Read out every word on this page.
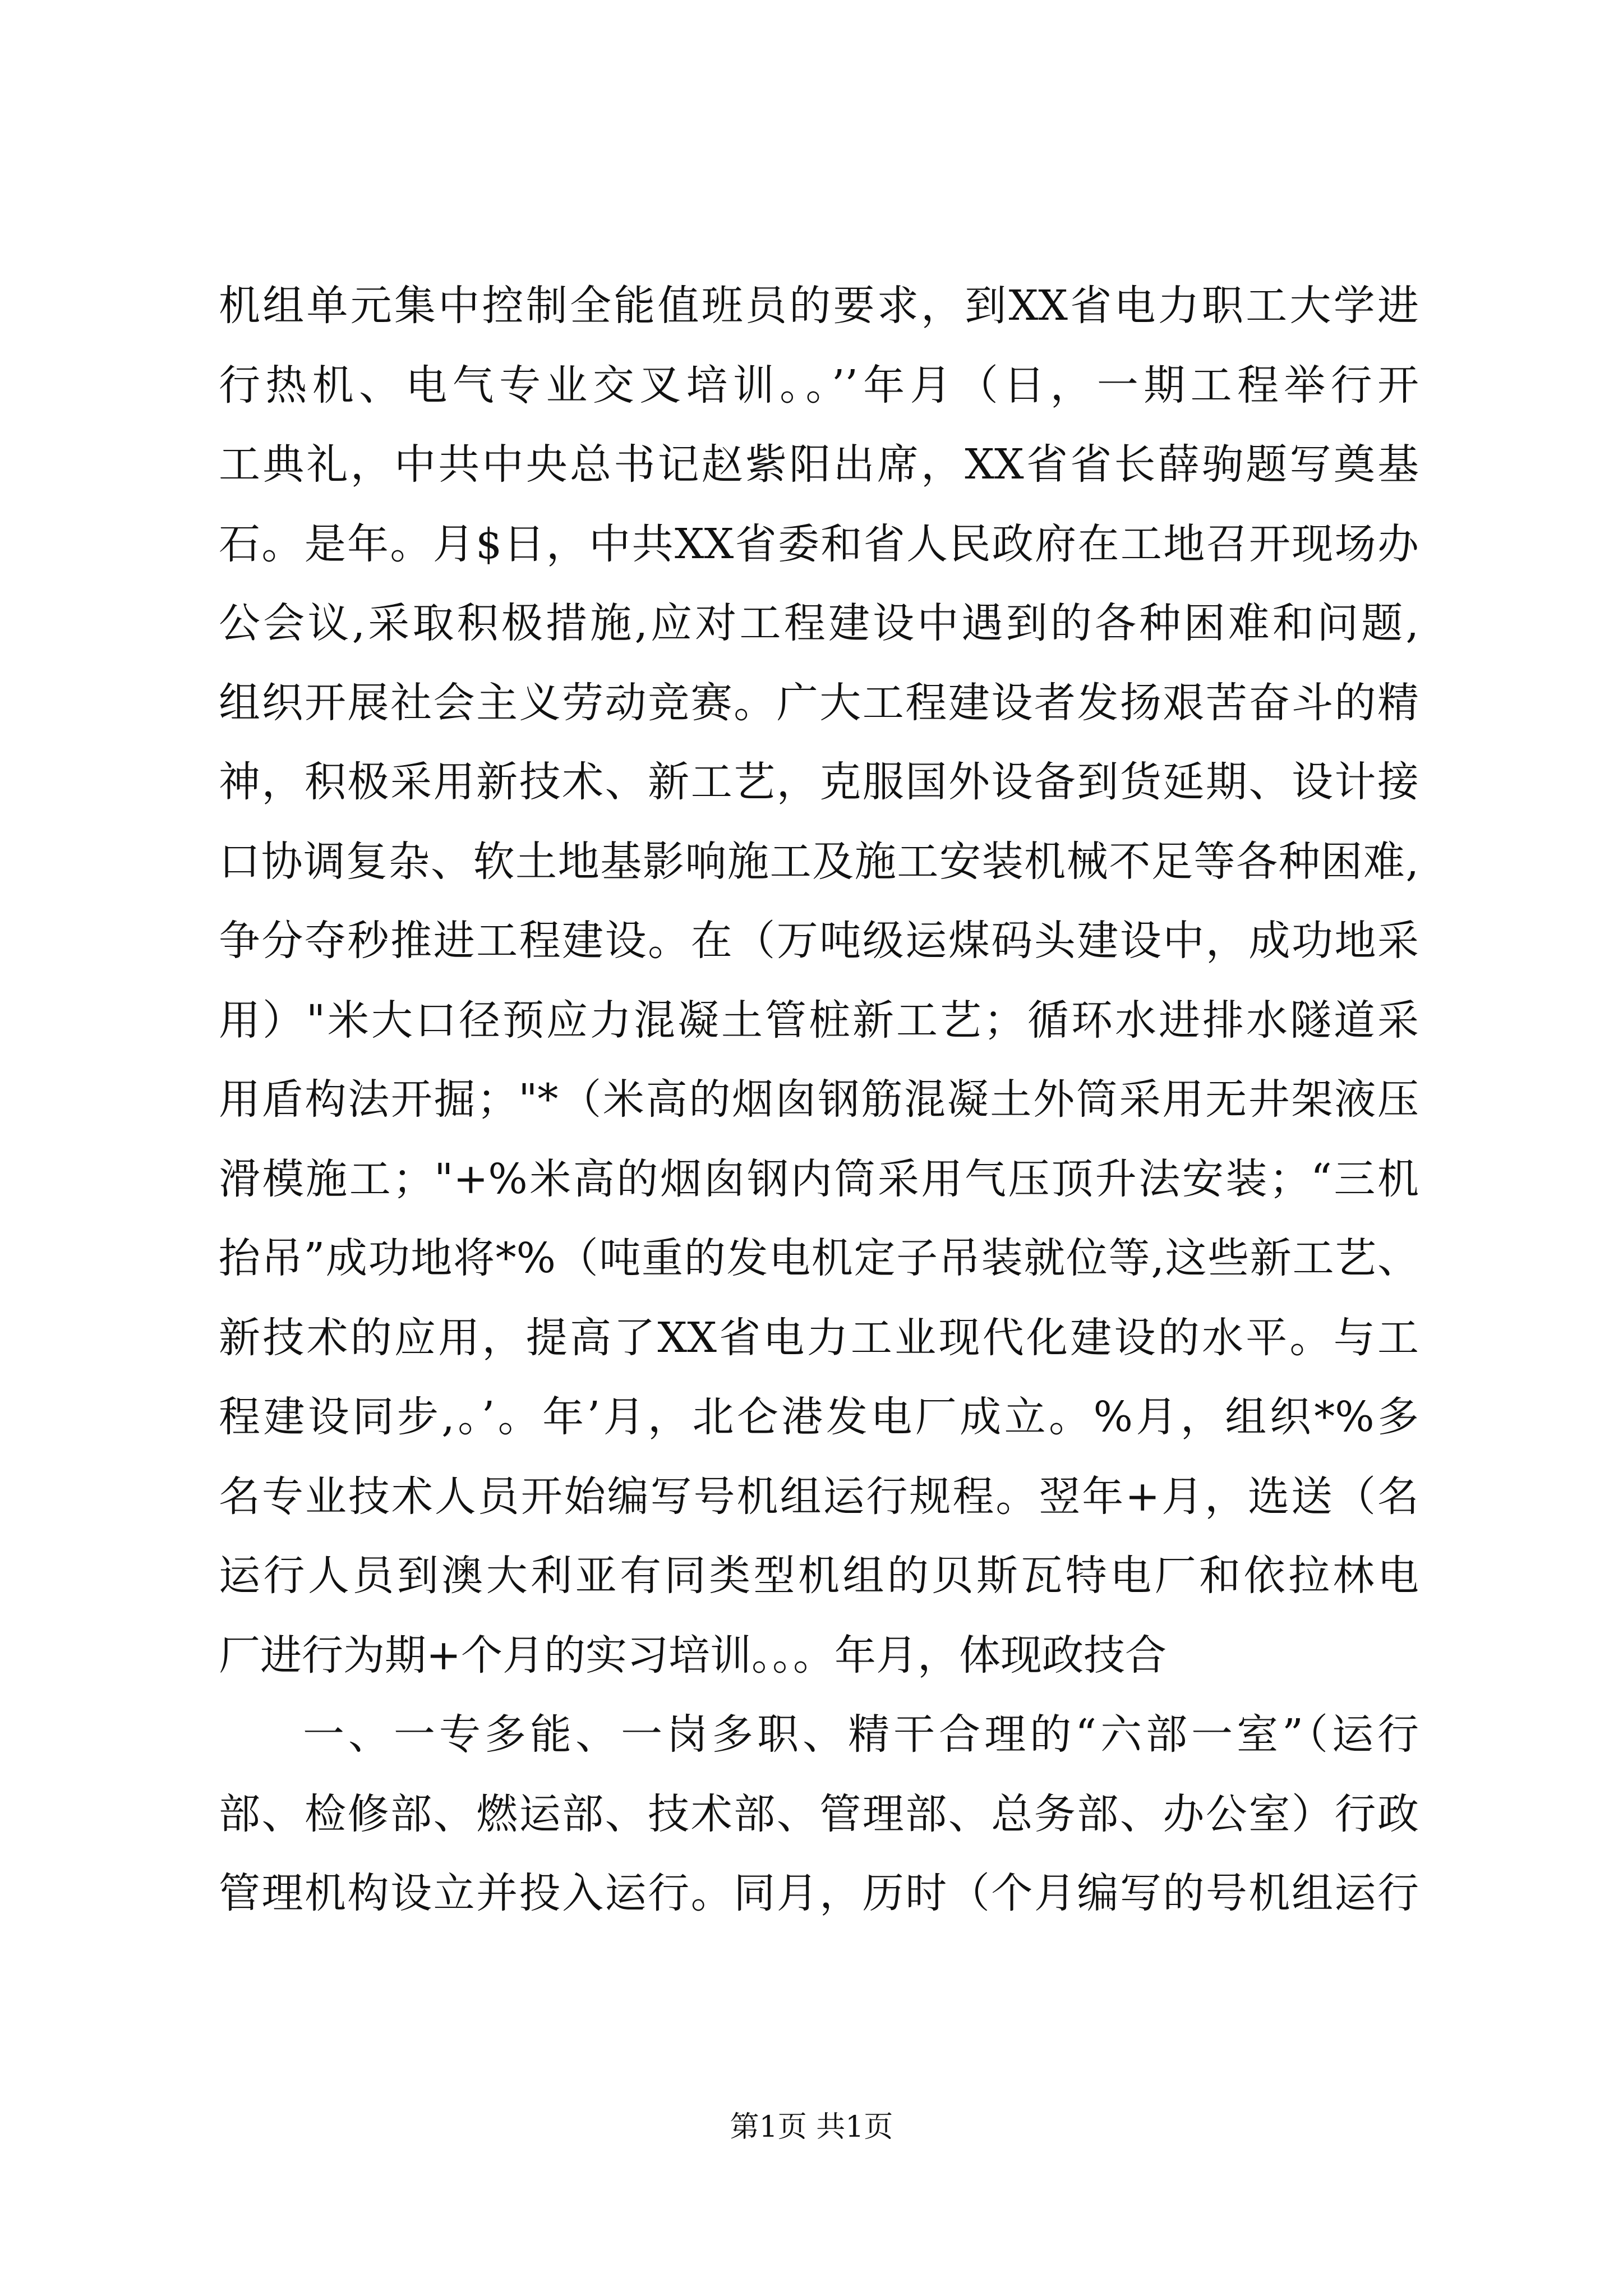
机组单元集中控制全能值班员的要求，到XX省电力职工大学进
行热机、电气专业交叉培训。。’’年月（日，一期工程举行开
工典礼，中共中央总书记赵紫阳出席，XX省省长薛驹题写奠基
石。是年。月$日，中共XX省委和省人民政府在工地召开现场办
公会议,采取积极措施,应对工程建设中遇到的各种困难和问题,
组织开展社会主义劳动竞赛。广大工程建设者发扬艰苦奋斗的精
神，积极采用新技术、新工艺，克服国外设备到货延期、设计接
口协调复杂、软土地基影响施工及施工安装机械不足等各种困难,
争分夺秒推进工程建设。在（万吨级运煤码头建设中，成功地采
用）"米大口径预应力混凝土管桩新工艺；循环水进排水隧道采
用盾构法开掘；"*（米高的烟囱钢筋混凝土外筒采用无井架液压
滑模施工；"+%米高的烟囱钢内筒采用气压顶升法安装；“三机
抬吊”成功地将*%（吨重的发电机定子吊装就位等,这些新工艺、
新技术的应用，提高了XX省电力工业现代化建设的水平。与工
程建设同步,。’。年’月，北仑港发电厂成立。%月，组织*%多
名专业技术人员开始编写号机组运行规程。翌年+月，选送（名
运行人员到澳大利亚有同类型机组的贝斯瓦特电厂和依拉林电
厂进行为期+个月的实习培训。。。年月，体现政技合
一、一专多能、一岗多职、精干合理的“六部一室”（运行
部、检修部、燃运部、技术部、管理部、总务部、办公室）行政
管理机构设立并投入运行。同月，历时（个月编写的号机组运行
第1页 共1页
